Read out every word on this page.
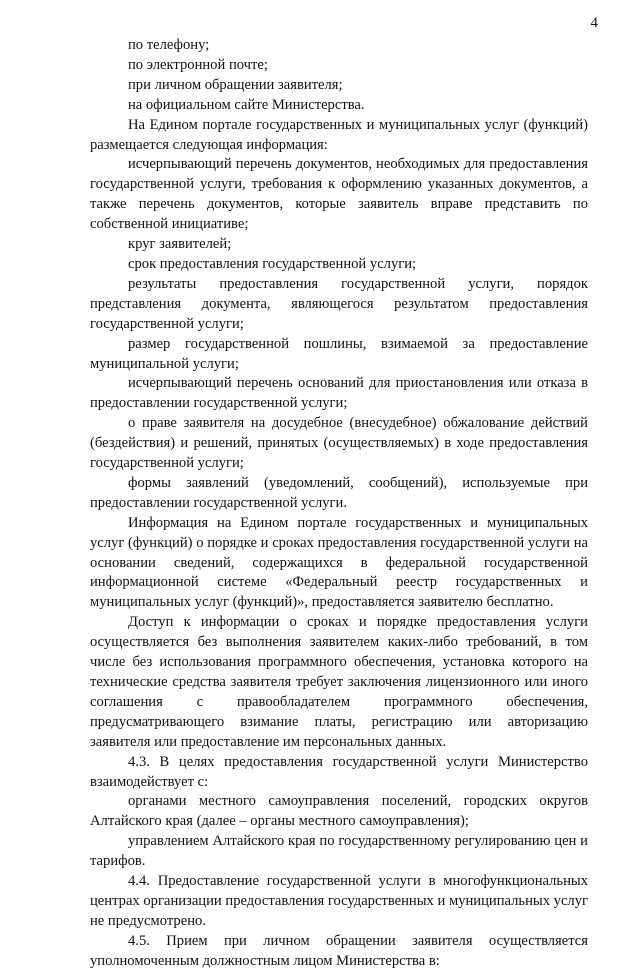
4

по телефону;

по электронной почте;

при личном обращении заявителя;

на официальном сайте Министерства.

На Едином портале государственных и муниципальных услуг (функций) размещается следующая информация:

исчерпывающий перечень документов, необходимых для предоставления государственной услуги, требования к оформлению указанных документов, а также перечень документов, которые заявитель вправе представить по собственной инициативе;

круг заявителей;

срок предоставления государственной услуги;

результаты предоставления государственной услуги, порядок представления документа, являющегося результатом предоставления государственной услуги;

размер государственной пошлины, взимаемой за предоставление муниципальной услуги;

исчерпывающий перечень оснований для приостановления или отказа в предоставлении государственной услуги;

о праве заявителя на досудебное (внесудебное) обжалование действий (бездействия) и решений, принятых (осуществляемых) в ходе предоставления государственной услуги;

формы заявлений (уведомлений, сообщений), используемые при предоставлении государственной услуги.

Информация на Едином портале государственных и муниципальных услуг (функций) о порядке и сроках предоставления государственной услуги на основании сведений, содержащихся в федеральной государственной информационной системе «Федеральный реестр государственных и муниципальных услуг (функций)», предоставляется заявителю бесплатно.

Доступ к информации о сроках и порядке предоставления услуги осуществляется без выполнения заявителем каких-либо требований, в том числе без использования программного обеспечения, установка которого на технические средства заявителя требует заключения лицензионного или иного соглашения с правообладателем программного обеспечения, предусматривающего взимание платы, регистрацию или авторизацию заявителя или предоставление им персональных данных.

4.3. В целях предоставления государственной услуги Министерство взаимодействует с:

органами местного самоуправления поселений, городских округов Алтайского края (далее – органы местного самоуправления);

управлением Алтайского края по государственному регулированию цен и тарифов.

4.4. Предоставление государственной услуги в многофункциональных центрах организации предоставления государственных и муниципальных услуг не предусмотрено.

4.5. Прием при личном обращении заявителя осуществляется уполномоченным должностным лицом Министерства в:
